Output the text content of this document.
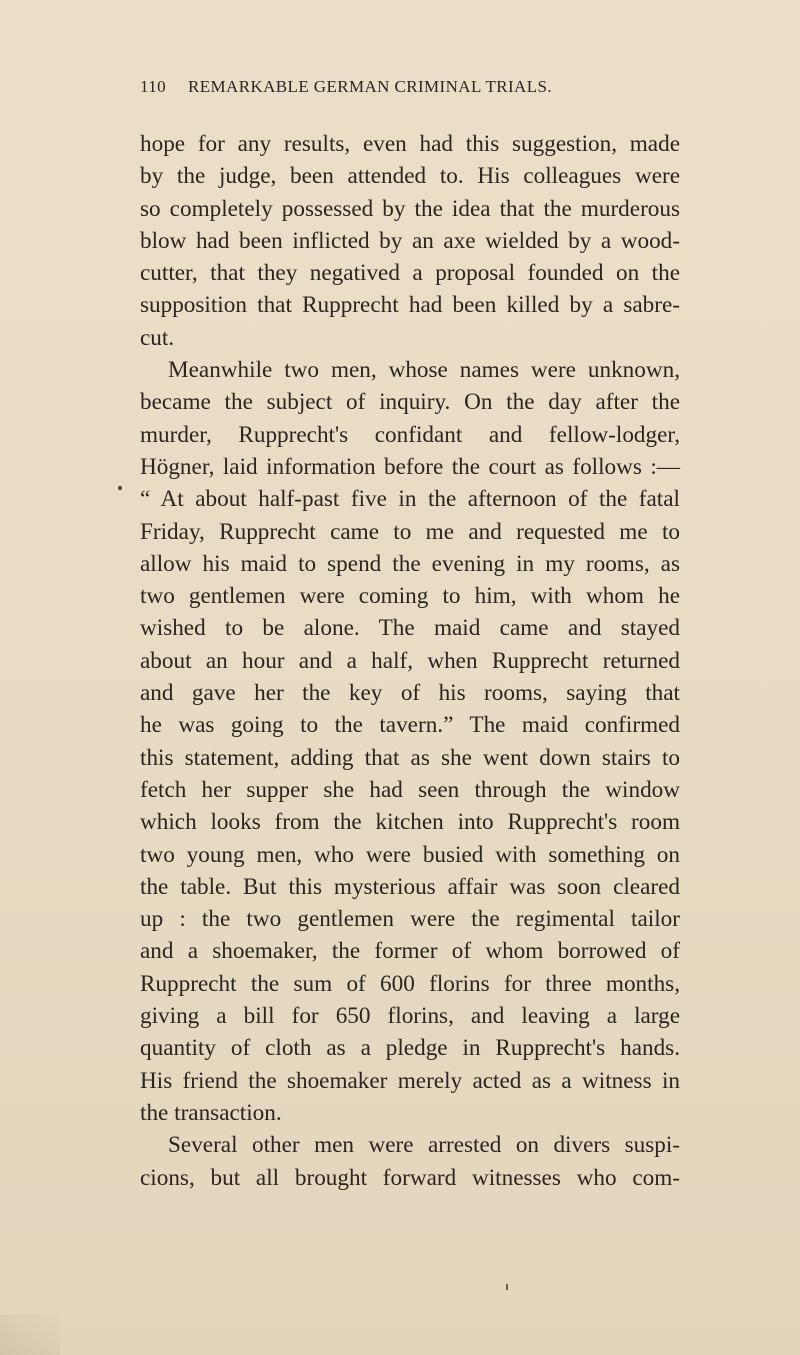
110 REMARKABLE GERMAN CRIMINAL TRIALS.
hope for any results, even had this suggestion, made
by the judge, been attended to. His colleagues were
so completely possessed by the idea that the murderous
blow had been inflicted by an axe wielded by a wood-
cutter, that they negatived a proposal founded on the
supposition that Rupprecht had been killed by a sabre-
cut.
Meanwhile two men, whose names were unknown,
became the subject of inquiry. On the day after the
murder, Rupprecht's confidant and fellow-lodger,
Högner, laid information before the court as follows :—
“ At about half-past five in the afternoon of the fatal
Friday, Rupprecht came to me and requested me to
allow his maid to spend the evening in my rooms, as
two gentlemen were coming to him, with whom he
wished to be alone. The maid came and stayed
about an hour and a half, when Rupprecht returned
and gave her the key of his rooms, saying that
he was going to the tavern.” The maid confirmed
this statement, adding that as she went down stairs to
fetch her supper she had seen through the window
which looks from the kitchen into Rupprecht's room
two young men, who were busied with something on
the table. But this mysterious affair was soon cleared
up : the two gentlemen were the regimental tailor
and a shoemaker, the former of whom borrowed of
Rupprecht the sum of 600 florins for three months,
giving a bill for 650 florins, and leaving a large
quantity of cloth as a pledge in Rupprecht's hands.
His friend the shoemaker merely acted as a witness in
the transaction.
Several other men were arrested on divers suspi-
cions, but all brought forward witnesses who com-
